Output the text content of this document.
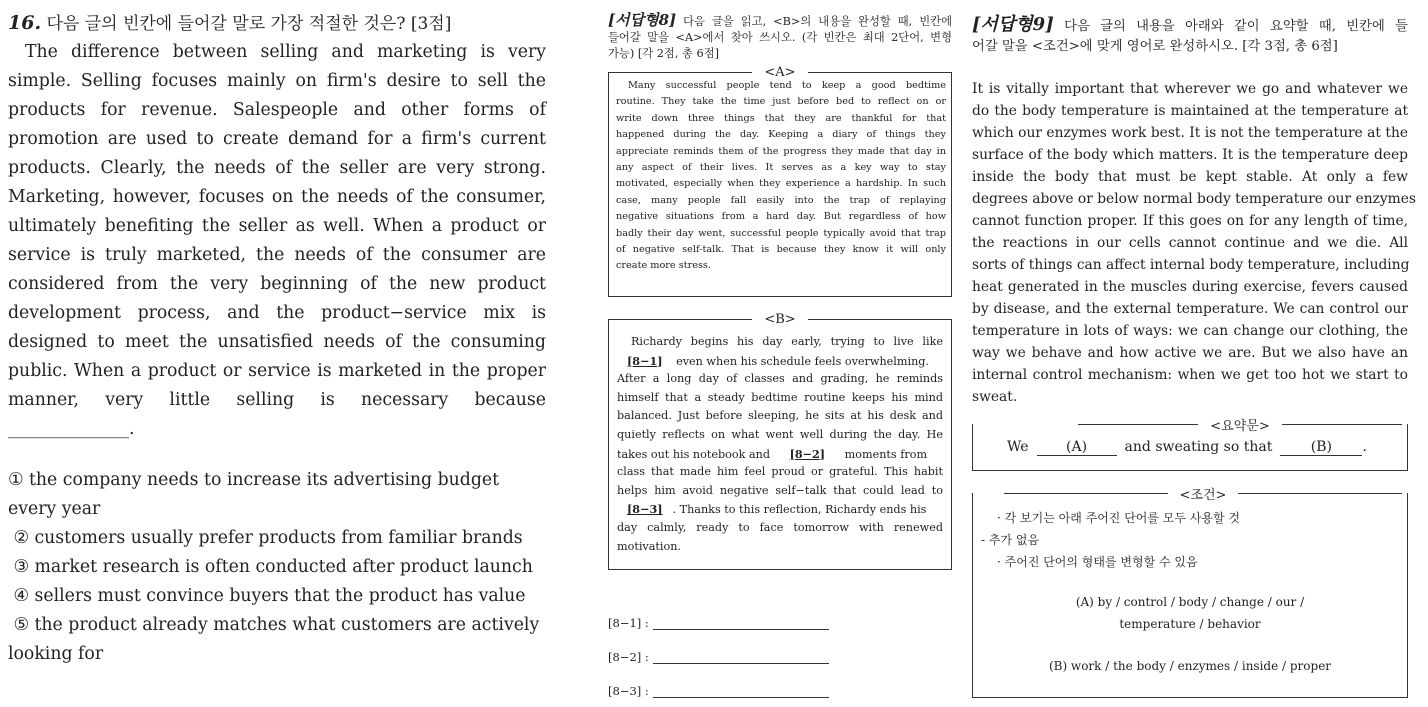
16. 다음 글의 빈칸에 들어갈 말로 가장 적절한 것은? [3점]
The difference between selling and marketing is very
simple. Selling focuses mainly on firm's desire to sell the
products for revenue. Salespeople and other forms of
promotion are used to create demand for a firm's current
products. Clearly, the needs of the seller are very strong.
Marketing, however, focuses on the needs of the consumer,
ultimately benefiting the seller as well. When a product or
service is truly marketed, the needs of the consumer are
considered from the very beginning of the new product
development process, and the product−service mix is
designed to meet the unsatisfied needs of the consuming
public. When a product or service is marketed in the proper
manner, very little selling is necessary because
______________.
① the company needs to increase its advertising budget
every year
② customers usually prefer products from familiar brands
③ market research is often conducted after product launch
④ sellers must convince buyers that the product has value
⑤ the product already matches what customers are actively
looking for
[서답형8] 다음 글을 읽고, <B>의 내용을 완성할 때, 빈칸에
들어갈 말을 <A>에서 찾아 쓰시오. (각 빈칸은 최대 2단어, 변형
가능) [각 2점, 총 6점]
<A>
Many successful people tend to keep a good bedtime
routine. They take the time just before bed to reflect on or
write down three things that they are thankful for that
happened during the day. Keeping a diary of things they
appreciate reminds them of the progress they made that day in
any aspect of their lives. It serves as a key way to stay
motivated, especially when they experience a hardship. In such
case, many people fall easily into the trap of replaying
negative situations from a hard day. But regardless of how
badly their day went, successful people typically avoid that trap
of negative self-talk. That is because they know it will only
create more stress.
<B>
Richardy begins his day early, trying to live like
[8−1] even when his schedule feels overwhelming.
After a long day of classes and grading, he reminds
himself that a steady bedtime routine keeps his mind
balanced. Just before sleeping, he sits at his desk and
quietly reflects on what went well during the day. He
takes out his notebook and [8−2] moments from
class that made him feel proud or grateful. This habit
helps him avoid negative self−talk that could lead to
[8−3] . Thanks to this reflection, Richardy ends his
day calmly, ready to face tomorrow with renewed
motivation.
[8−1] :
[8−2] :
[8−3] :
[서답형9] 다음 글의 내용을 아래와 같이 요약할 때, 빈칸에 들
어갈 말을 <조건>에 맞게 영어로 완성하시오. [각 3점, 총 6점]
It is vitally important that wherever we go and whatever we
do the body temperature is maintained at the temperature at
which our enzymes work best. It is not the temperature at the
surface of the body which matters. It is the temperature deep
inside the body that must be kept stable. At only a few
degrees above or below normal body temperature our enzymes
cannot function proper. If this goes on for any length of time,
the reactions in our cells cannot continue and we die. All
sorts of things can affect internal body temperature, including
heat generated in the muscles during exercise, fevers caused
by disease, and the external temperature. We can control our
temperature in lots of ways: we can change our clothing, the
way we behave and how active we are. But we also have an
internal control mechanism: when we get too hot we start to
sweat.
<요약문>
We	(A)	and sweating so that	(B)	.
<조건>
· 각 보기는 아래 주어진 단어를 모두 사용할 것
- 추가 없음
· 주어진 단어의 형태를 변형할 수 있음
(A) by / control / body / change / our /
temperature / behavior
(B) work / the body / enzymes / inside / proper
